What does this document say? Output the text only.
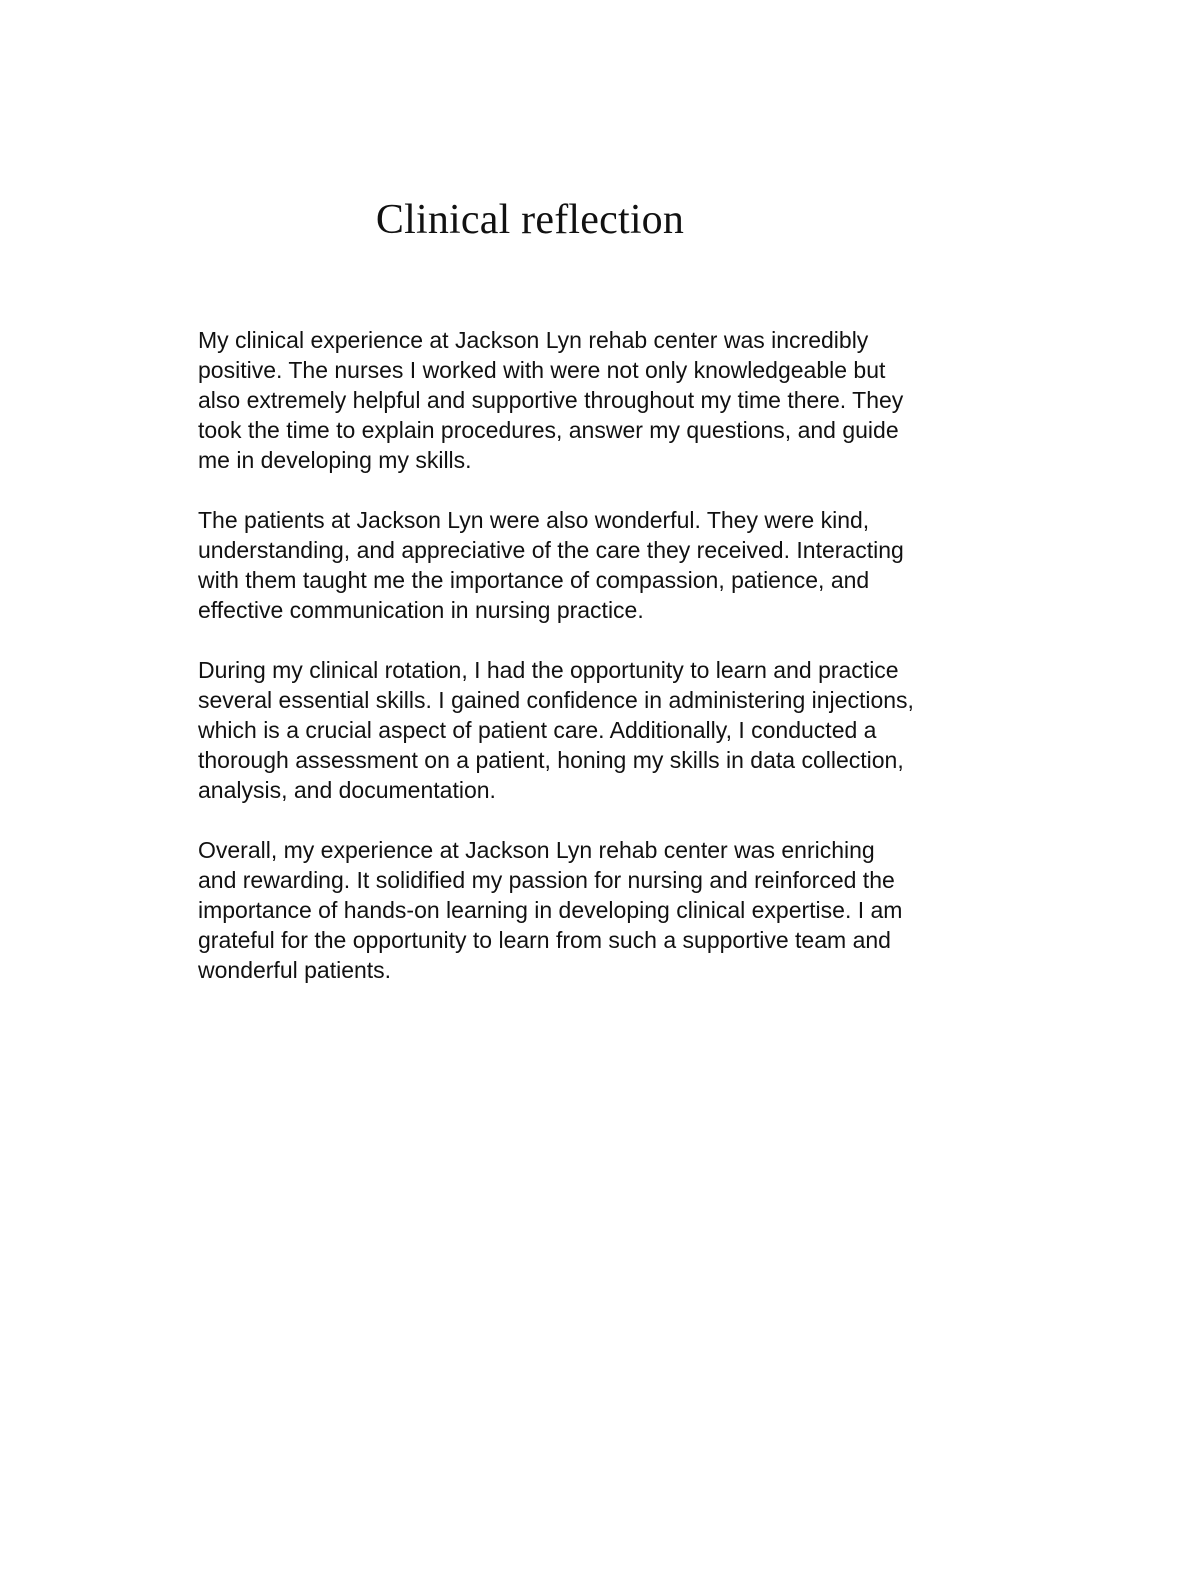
Clinical reflection

My clinical experience at Jackson Lyn rehab center was incredibly
positive. The nurses I worked with were not only knowledgeable but
also extremely helpful and supportive throughout my time there. They
took the time to explain procedures, answer my questions, and guide
me in developing my skills.

The patients at Jackson Lyn were also wonderful. They were kind,
understanding, and appreciative of the care they received. Interacting
with them taught me the importance of compassion, patience, and
effective communication in nursing practice.

During my clinical rotation, I had the opportunity to learn and practice
several essential skills. I gained confidence in administering injections,
which is a crucial aspect of patient care. Additionally, I conducted a
thorough assessment on a patient, honing my skills in data collection,
analysis, and documentation.

Overall, my experience at Jackson Lyn rehab center was enriching
and rewarding. It solidified my passion for nursing and reinforced the
importance of hands-on learning in developing clinical expertise. I am
grateful for the opportunity to learn from such a supportive team and
wonderful patients.
